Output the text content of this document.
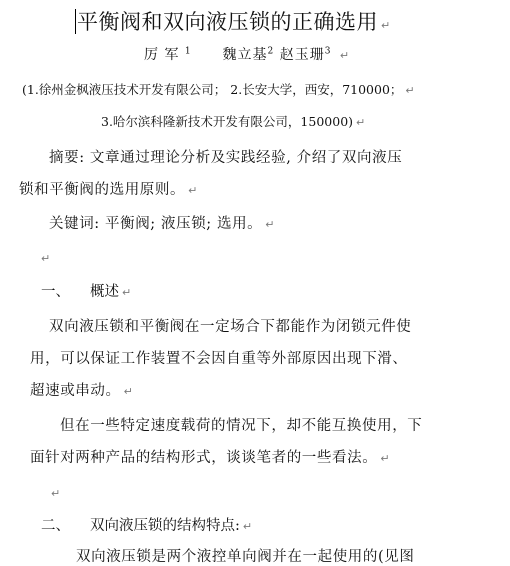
平衡阀和双向液压锁的正确选用 ↵
厉 军 $^1$ 魏立基$^2$ 赵玉珊$^3$ ↵
(1.徐州金枫液压技术开发有限公司； 2.长安大学，西安，710000； ↵
3.哈尔滨科隆新技术开发有限公司，150000) ↵
摘要: 文章通过理论分析及实践经验, 介绍了双向液压
锁和平衡阀的选用原则。 ↵
关键词: 平衡阀; 液压锁; 选用。 ↵
↵
一、 概述 ↵
双向液压锁和平衡阀在一定场合下都能作为闭锁元件使
用，可以保证工作装置不会因自重等外部原因出现下滑、
超速或串动。 ↵
但在一些特定速度载荷的情况下，却不能互换使用，下
面针对两种产品的结构形式，谈谈笔者的一些看法。 ↵
↵
二、 双向液压锁的结构特点: ↵
双向液压锁是两个液控单向阀并在一起使用的(见图
